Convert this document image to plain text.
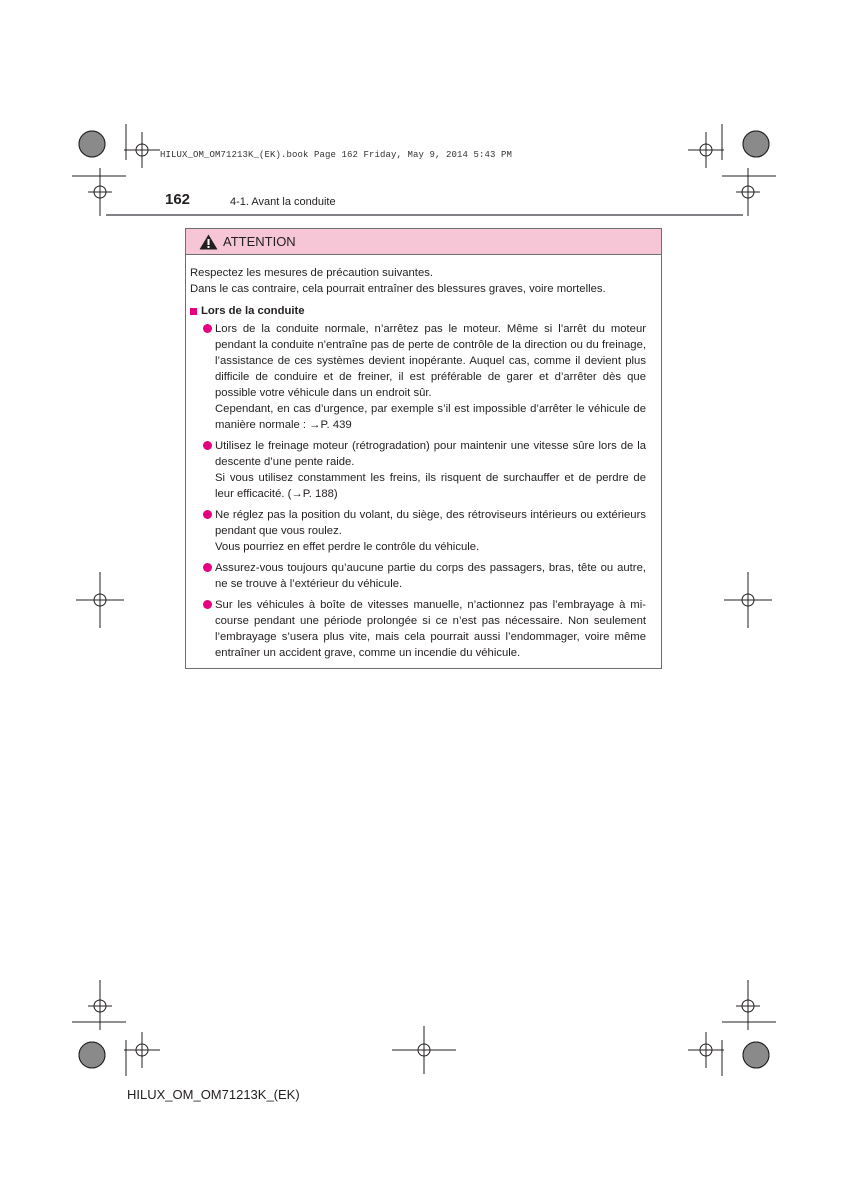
HILUX_OM_OM71213K_(EK).book Page 162 Friday, May 9, 2014 5:43 PM
162	4-1. Avant la conduite
ATTENTION

Respectez les mesures de précaution suivantes.

Dans le cas contraire, cela pourrait entraîner des blessures graves, voire mortelles.

Lors de la conduite

Lors de la conduite normale, n’arrêtez pas le moteur. Même si l’arrêt du moteur pendant la conduite n’entraîne pas de perte de contrôle de la direction ou du freinage, l’assistance de ces systèmes devient inopérante. Auquel cas, comme il devient plus difficile de conduire et de freiner, il est préférable de garer et d’arrêter dès que possible votre véhicule dans un endroit sûr.

Cependant, en cas d’urgence, par exemple s’il est impossible d’arrêter le véhicule de manière normale : →P. 439

Utilisez le freinage moteur (rétrogradation) pour maintenir une vitesse sûre lors de la descente d’une pente raide.

Si vous utilisez constamment les freins, ils risquent de surchauffer et de perdre de leur efficacité. (→P. 188)

Ne réglez pas la position du volant, du siège, des rétroviseurs intérieurs ou extérieurs pendant que vous roulez.

Vous pourriez en effet perdre le contrôle du véhicule.

Assurez-vous toujours qu’aucune partie du corps des passagers, bras, tête ou autre, ne se trouve à l’extérieur du véhicule.

Sur les véhicules à boîte de vitesses manuelle, n’actionnez pas l’embrayage à mi-course pendant une période prolongée si ce n’est pas nécessaire. Non seulement l’embrayage s’usera plus vite, mais cela pourrait aussi l’endommager, voire même entraîner un accident grave, comme un incendie du véhicule.

HILUX_OM_OM71213K_(EK)
